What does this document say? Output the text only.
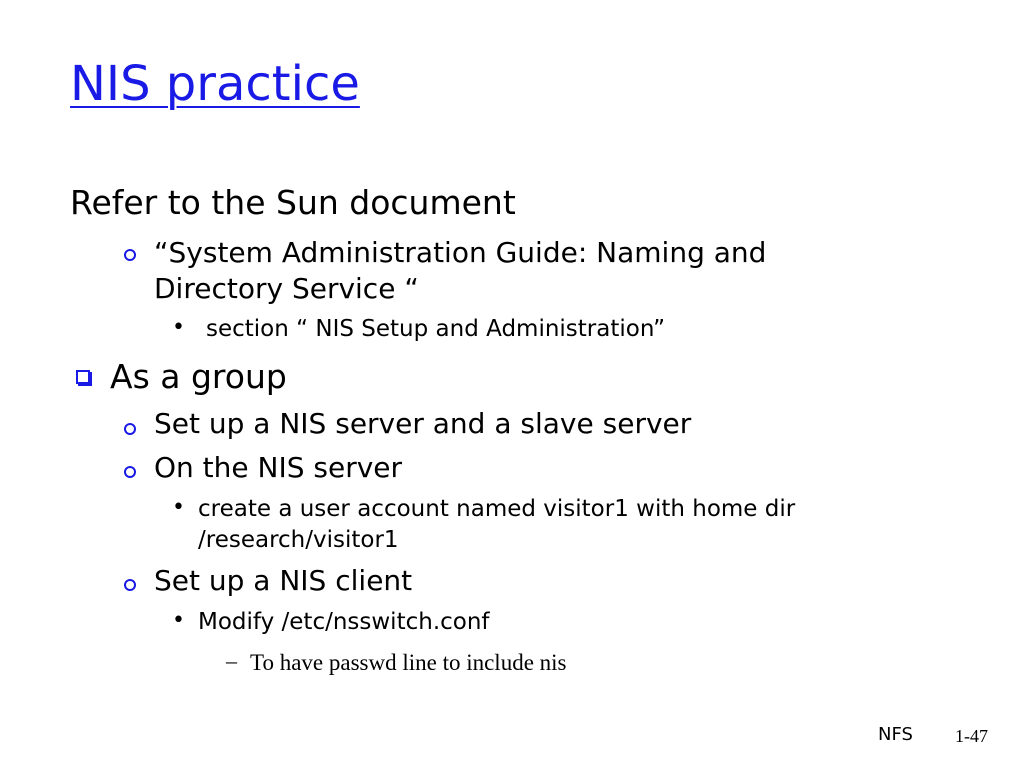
NIS practice
Refer to the Sun document
“System Administration Guide: Naming and
Directory Service “
• section “ NIS Setup and Administration”
As a group
Set up a NIS server and a slave server
On the NIS server
• create a user account named visitor1 with home dir
/research/visitor1
Set up a NIS client
• Modify /etc/nsswitch.conf
– To have passwd line to include nis
NFS 1-47
